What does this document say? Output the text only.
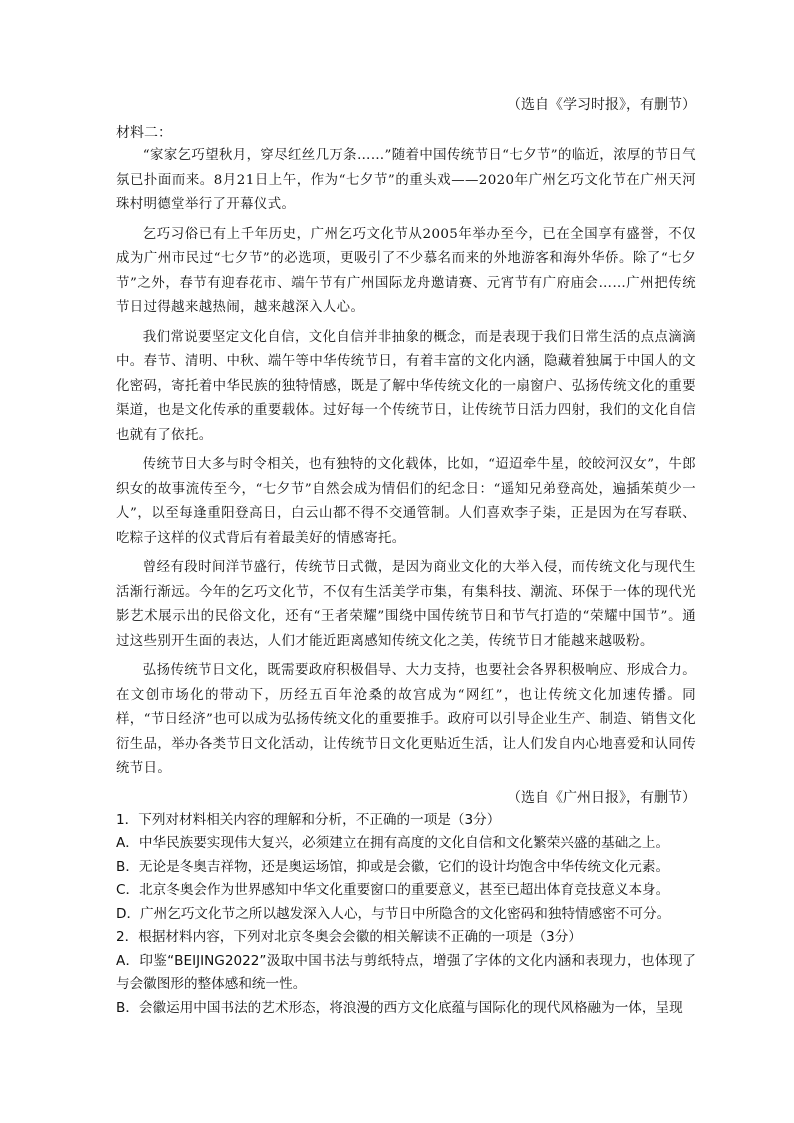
（选自《学习时报》，有删节）

材料二：

“家家乞巧望秋月，穿尽红丝几万条……”随着中国传统节日“七夕节”的临近，浓厚的节日气氛已扑面而来。8月21日上午，作为“七夕节”的重头戏——2020年广州乞巧文化节在广州天河珠村明德堂举行了开幕仪式。

乞巧习俗已有上千年历史，广州乞巧文化节从2005年举办至今，已在全国享有盛誉，不仅成为广州市民过“七夕节”的必选项，更吸引了不少慕名而来的外地游客和海外华侨。除了“七夕节”之外，春节有迎春花市、端午节有广州国际龙舟邀请赛、元宵节有广府庙会……广州把传统节日过得越来越热闹，越来越深入人心。

我们常说要坚定文化自信，文化自信并非抽象的概念，而是表现于我们日常生活的点点滴滴中。春节、清明、中秋、端午等中华传统节日，有着丰富的文化内涵，隐藏着独属于中国人的文化密码，寄托着中华民族的独特情感，既是了解中华传统文化的一扇窗户、弘扬传统文化的重要渠道，也是文化传承的重要载体。过好每一个传统节日，让传统节日活力四射，我们的文化自信也就有了依托。

传统节日大多与时令相关，也有独特的文化载体，比如，“迢迢牵牛星，皎皎河汉女”，牛郎织女的故事流传至今，“七夕节”自然会成为情侣们的纪念日：“遥知兄弟登高处，遍插茱萸少一人”，以至每逢重阳登高日，白云山都不得不交通管制。人们喜欢李子柒，正是因为在写春联、吃粽子这样的仪式背后有着最美好的情感寄托。

曾经有段时间洋节盛行，传统节日式微，是因为商业文化的大举入侵，而传统文化与现代生活渐行渐远。今年的乞巧文化节，不仅有生活美学市集，有集科技、潮流、环保于一体的现代光影艺术展示出的民俗文化，还有“王者荣耀”围绕中国传统节日和节气打造的“荣耀中国节”。通过这些别开生面的表达，人们才能近距离感知传统文化之美，传统节日才能越来越吸粉。

弘扬传统节日文化，既需要政府积极倡导、大力支持，也要社会各界积极响应、形成合力。在文创市场化的带动下，历经五百年沧桑的故宫成为“网红”，也让传统文化加速传播。同样，“节日经济”也可以成为弘扬传统文化的重要推手。政府可以引导企业生产、制造、销售文化衍生品，举办各类节日文化活动，让传统节日文化更贴近生活，让人们发自内心地喜爱和认同传统节日。

（选自《广州日报》，有删节）

1．下列对材料相关内容的理解和分析，不正确的一项是（3分）

A．中华民族要实现伟大复兴，必须建立在拥有高度的文化自信和文化繁荣兴盛的基础之上。

B．无论是冬奥吉祥物，还是奥运场馆，抑或是会徽，它们的设计均饱含中华传统文化元素。

C．北京冬奥会作为世界感知中华文化重要窗口的重要意义，甚至已超出体育竞技意义本身。

D．广州乞巧文化节之所以越发深入人心，与节日中所隐含的文化密码和独特情感密不可分。

2．根据材料内容，下列对北京冬奥会会徽的相关解读不正确的一项是（3分）

A．印鉴“BEIJING2022”汲取中国书法与剪纸特点，增强了字体的文化内涵和表现力，也体现了与会徽图形的整体感和统一性。

B．会徽运用中国书法的艺术形态，将浪漫的西方文化底蕴与国际化的现代风格融为一体，呈现
